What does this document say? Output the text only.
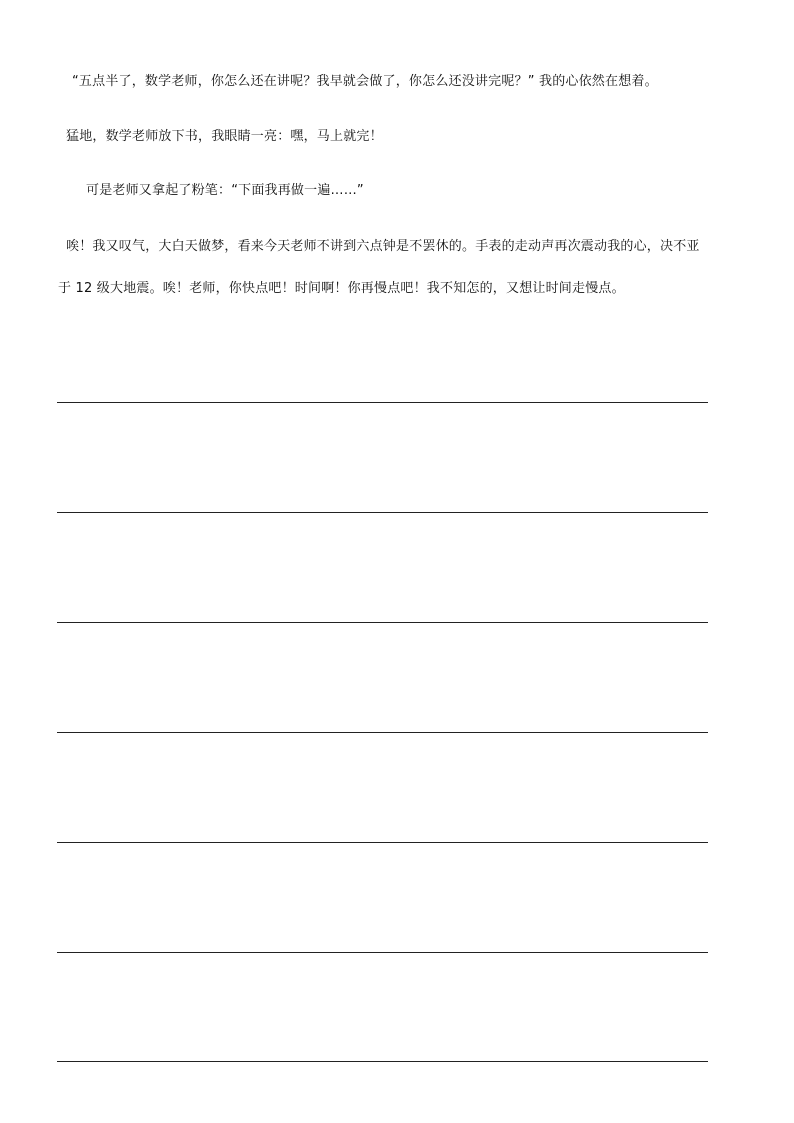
“五点半了，数学老师，你怎么还在讲呢？我早就会做了，你怎么还没讲完呢？” 我的心依然在想着。

猛地，数学老师放下书，我眼睛一亮：嘿，马上就完！

可是老师又拿起了粉笔：“下面我再做一遍……”

唉！我又叹气，大白天做梦，看来今天老师不讲到六点钟是不罢休的。手表的走动声再次震动我的心，决不亚

于 12 级大地震。唉！老师，你快点吧！时间啊！你再慢点吧！我不知怎的，又想让时间走慢点。
